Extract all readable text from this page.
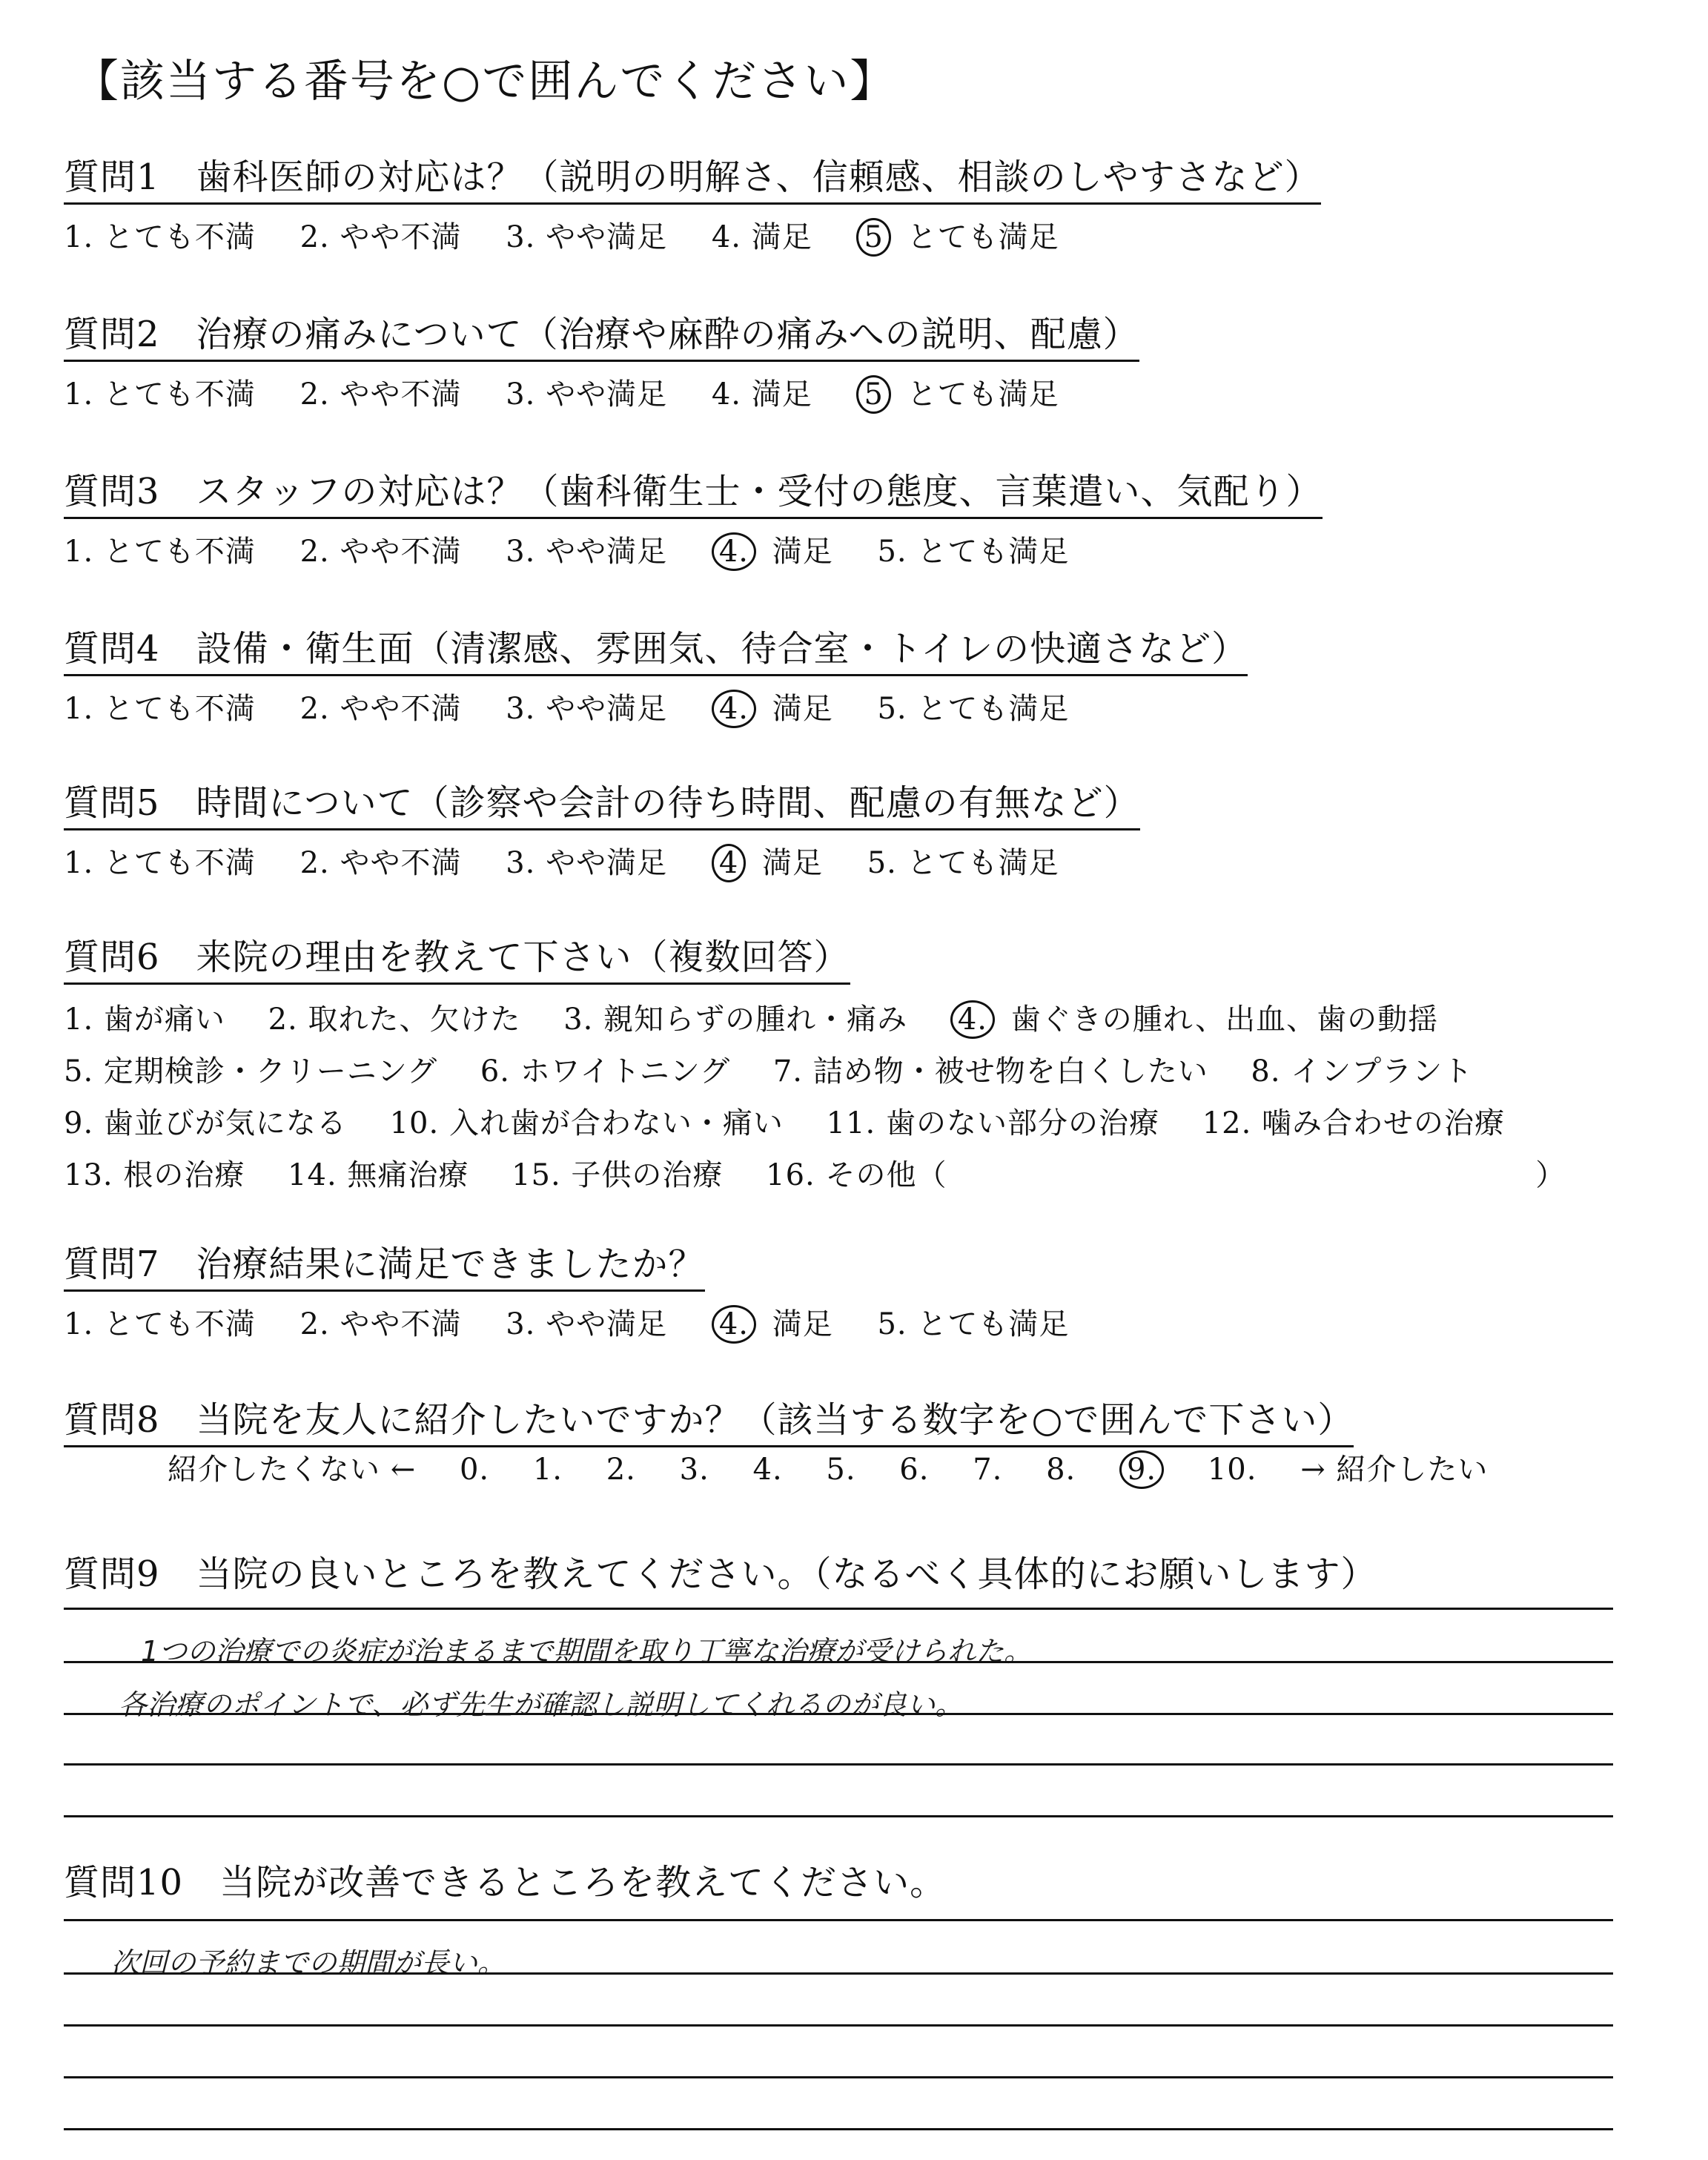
【該当する番号を○で囲んでください】
質問1　歯科医師の対応は？（説明の明解さ、信頼感、相談のしやすさなど）
1. とても不満 2. やや不満 3. やや満足 4. 満足 5 とても満足
質問2　治療の痛みについて（治療や麻酔の痛みへの説明、配慮）
1. とても不満 2. やや不満 3. やや満足 4. 満足 5 とても満足
質問3　スタッフの対応は？（歯科衛生士・受付の態度、言葉遣い、気配り）
1. とても不満 2. やや不満 3. やや満足 4. 満足 5. とても満足
質問4　設備・衛生面（清潔感、雰囲気、待合室・トイレの快適さなど）
1. とても不満 2. やや不満 3. やや満足 4. 満足 5. とても満足
質問5　時間について（診察や会計の待ち時間、配慮の有無など）
1. とても不満 2. やや不満 3. やや満足 4 満足 5. とても満足
質問6　来院の理由を教えて下さい（複数回答）
1. 歯が痛い 2. 取れた、欠けた 3. 親知らずの腫れ・痛み 4. 歯ぐきの腫れ、出血、歯の動揺
5. 定期検診・クリーニング 6. ホワイトニング 7. 詰め物・被せ物を白くしたい 8. インプラント
9. 歯並びが気になる 10. 入れ歯が合わない・痛い 11. 歯のない部分の治療 12. 噛み合わせの治療
13. 根の治療 14. 無痛治療 15. 子供の治療 16. その他（	）
質問7　治療結果に満足できましたか？
1. とても不満 2. やや不満 3. やや満足 4. 満足 5. とても満足
質問8　当院を友人に紹介したいですか？（該当する数字を○で囲んで下さい）
紹介したくない ← 0. 1. 2. 3. 4. 5. 6. 7. 8. 9. 10. → 紹介したい
質問9　当院の良いところを教えてください。（なるべく具体的にお願いします）
1つの治療での炎症が治まるまで期間を取り丁寧な治療が受けられた。
各治療のポイントで、必ず先生が確認し説明してくれるのが良い。
質問10　当院が改善できるところを教えてください。
次回の予約までの期間が長い。
